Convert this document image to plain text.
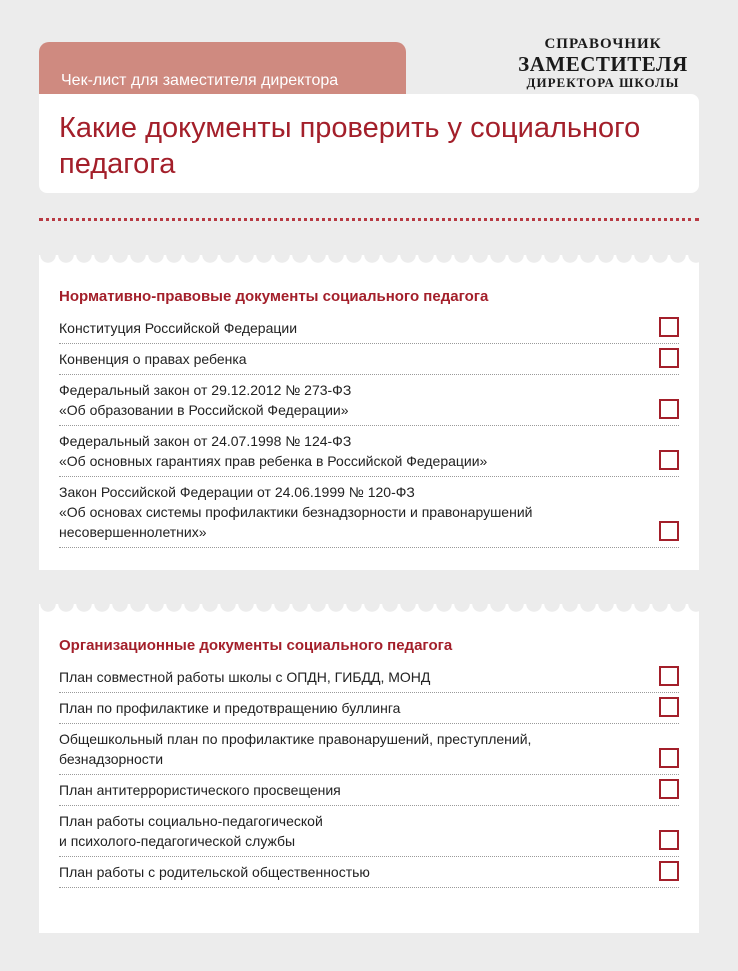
Чек-лист для заместителя директора
Какие документы проверить у социального педагога
СПРАВОЧНИК
ЗАМЕСТИТЕЛЯ
ДИРЕКТОРА ШКОЛЫ
Нормативно-правовые документы социального педагога
Конституция Российской Федерации
Конвенция о правах ребенка
Федеральный закон от 29.12.2012 № 273-ФЗ
«Об образовании в Российской Федерации»
Федеральный закон от 24.07.1998 № 124-ФЗ
«Об основных гарантиях прав ребенка в Российской Федерации»
Закон Российской Федерации от 24.06.1999 № 120-ФЗ
«Об основах системы профилактики безнадзорности и правонарушений
несовершеннолетних»
Организационные документы социального педагога
План совместной работы школы с ОПДН, ГИБДД, МОНД
План по профилактике и предотвращению буллинга
Общешкольный план по профилактике правонарушений, преступлений,
безнадзорности
План антитеррористического просвещения
План работы социально-педагогической
и психолого-педагогической службы
План работы с родительской общественностью
